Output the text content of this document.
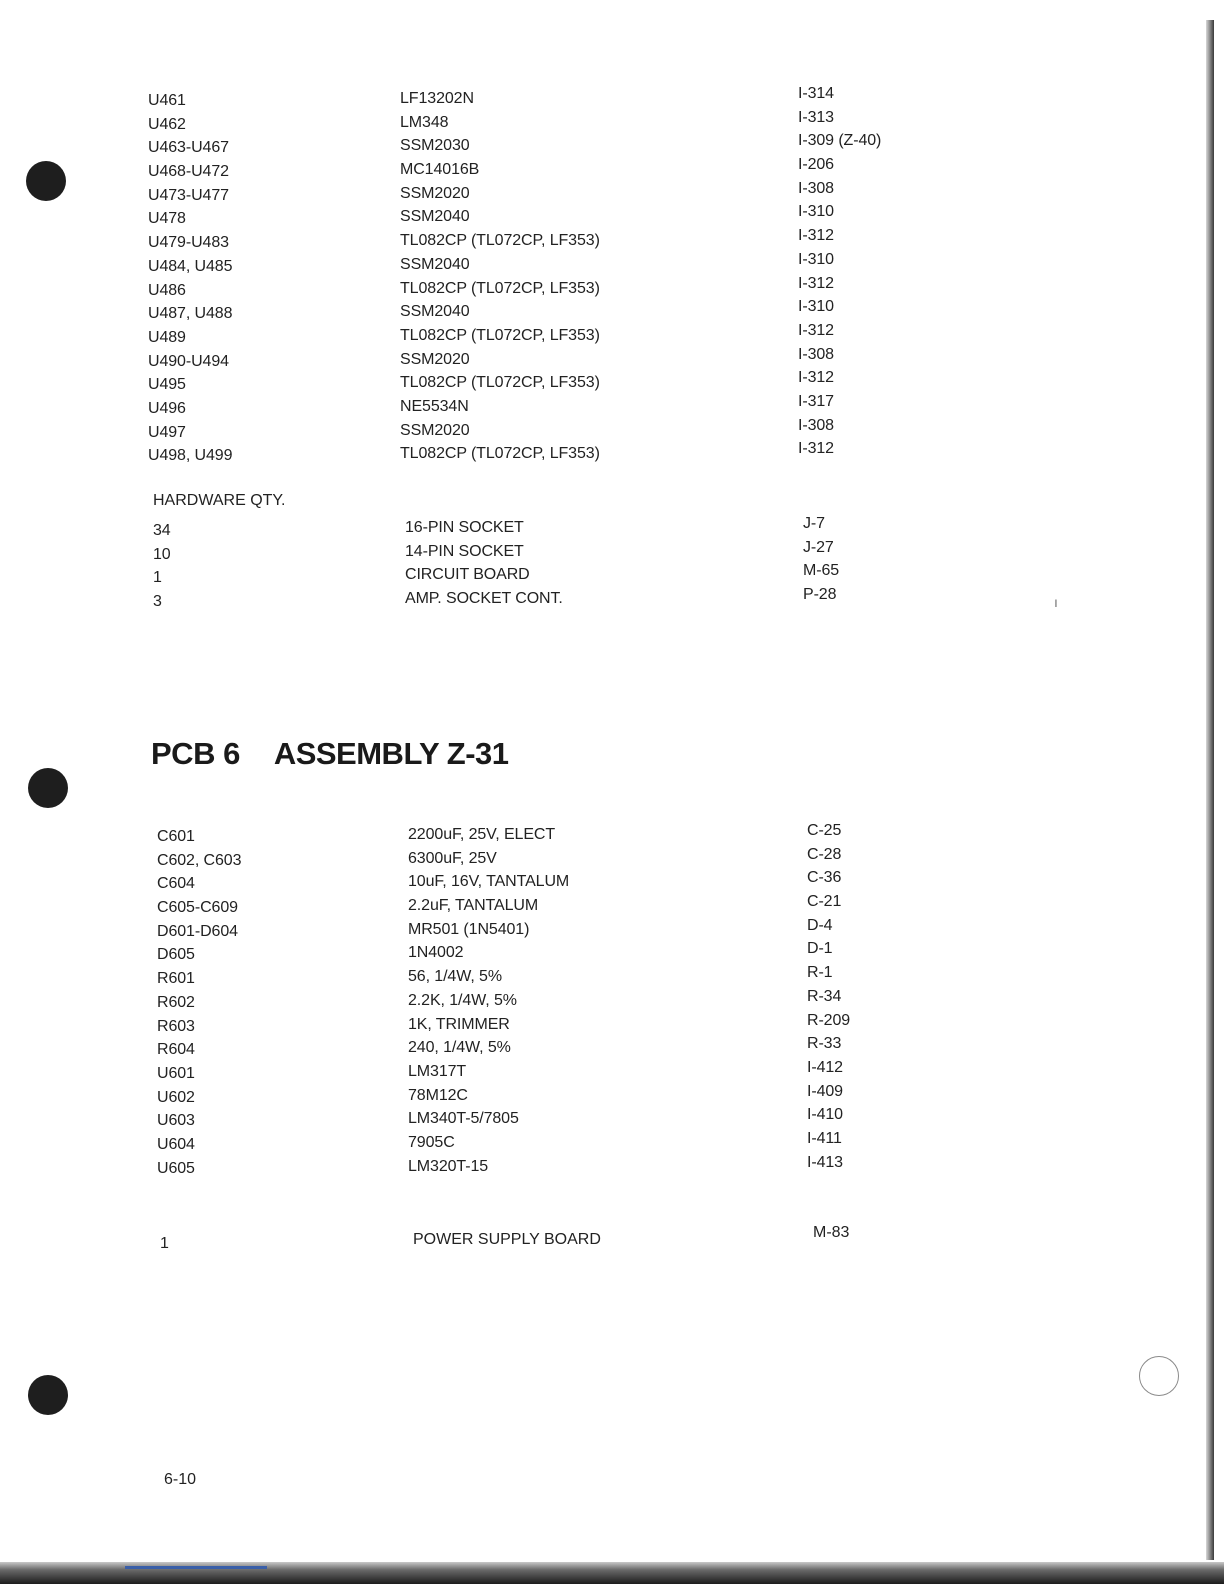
ı
U461
U462
U463-U467
U468-U472
U473-U477
U478
U479-U483
U484, U485
U486
U487, U488
U489
U490-U494
U495
U496
U497
U498, U499
LF13202N
LM348
SSM2030
MC14016B
SSM2020
SSM2040
TL082CP (TL072CP, LF353)
SSM2040
TL082CP (TL072CP, LF353)
SSM2040
TL082CP (TL072CP, LF353)
SSM2020
TL082CP (TL072CP, LF353)
NE5534N
SSM2020
TL082CP (TL072CP, LF353)
I-314
I-313
I-309 (Z-40)
I-206
I-308
I-310
I-312
I-310
I-312
I-310
I-312
I-308
I-312
I-317
I-308
I-312
HARDWARE QTY.
34
10
1
3
16-PIN SOCKET
14-PIN SOCKET
CIRCUIT BOARD
AMP. SOCKET CONT.
J-7
J-27
M-65
P-28
PCB 6 ASSEMBLY Z-31
C601
C602, C603
C604
C605-C609
D601-D604
D605
R601
R602
R603
R604
U601
U602
U603
U604
U605
2200uF, 25V, ELECT
6300uF, 25V
10uF, 16V, TANTALUM
2.2uF, TANTALUM
MR501 (1N5401)
1N4002
56, 1/4W, 5%
2.2K, 1/4W, 5%
1K, TRIMMER
240, 1/4W, 5%
LM317T
78M12C
LM340T-5/7805
7905C
LM320T-15
C-25
C-28
C-36
C-21
D-4
D-1
R-1
R-34
R-209
R-33
I-412
I-409
I-410
I-411
I-413
1	POWER SUPPLY BOARD	M-83
6-10
